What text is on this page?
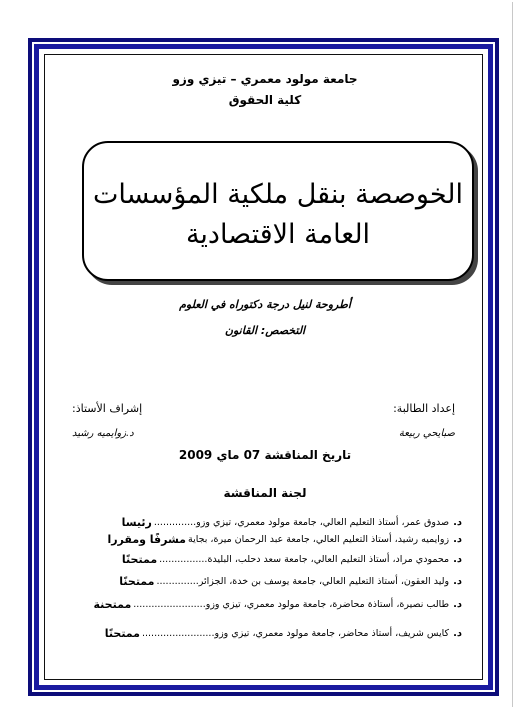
جامعة مولود معمري – تيزي وزو
كلية الحقوق
الخوصصة بنقل ملكية المؤسسات
العامة الاقتصادية
أطروحة لنيل درجة دكتوراه في العلوم
التخصص: القانون
إعداد الطالبة:
إشراف الأستاذ:
صبايحي ربيعة
د.زوايميه رشيد
تاريخ المناقشة 07 ماي 2009
لجنة المناقشة
د.
صدوق عمر، أستاذ التعليم العالي، جامعة مولود معمري، تيزي وزو
..............
رئيسا
د.
زوايميه رشيد، أستاذ التعليم العالي، جامعة عبد الرحمان ميرة، بجاية
مشرفًا ومقررا
د.
محمودي مراد، أستاذ التعليم العالي، جامعة سعد دحلب، البليدة
................
ممتحنًا
د.
وليد العقون، أستاذ التعليم العالي، جامعة يوسف بن خدة، الجزائر
..............
ممتحنًا
د.
طالب نصيرة، أستاذة محاضرة، جامعة مولود معمري، تيزي وزو
........................
ممتحنة
د.
كايس شريف، أستاذ محاضر، جامعة مولود معمري، تيزي وزو
........................
ممتحنًا
